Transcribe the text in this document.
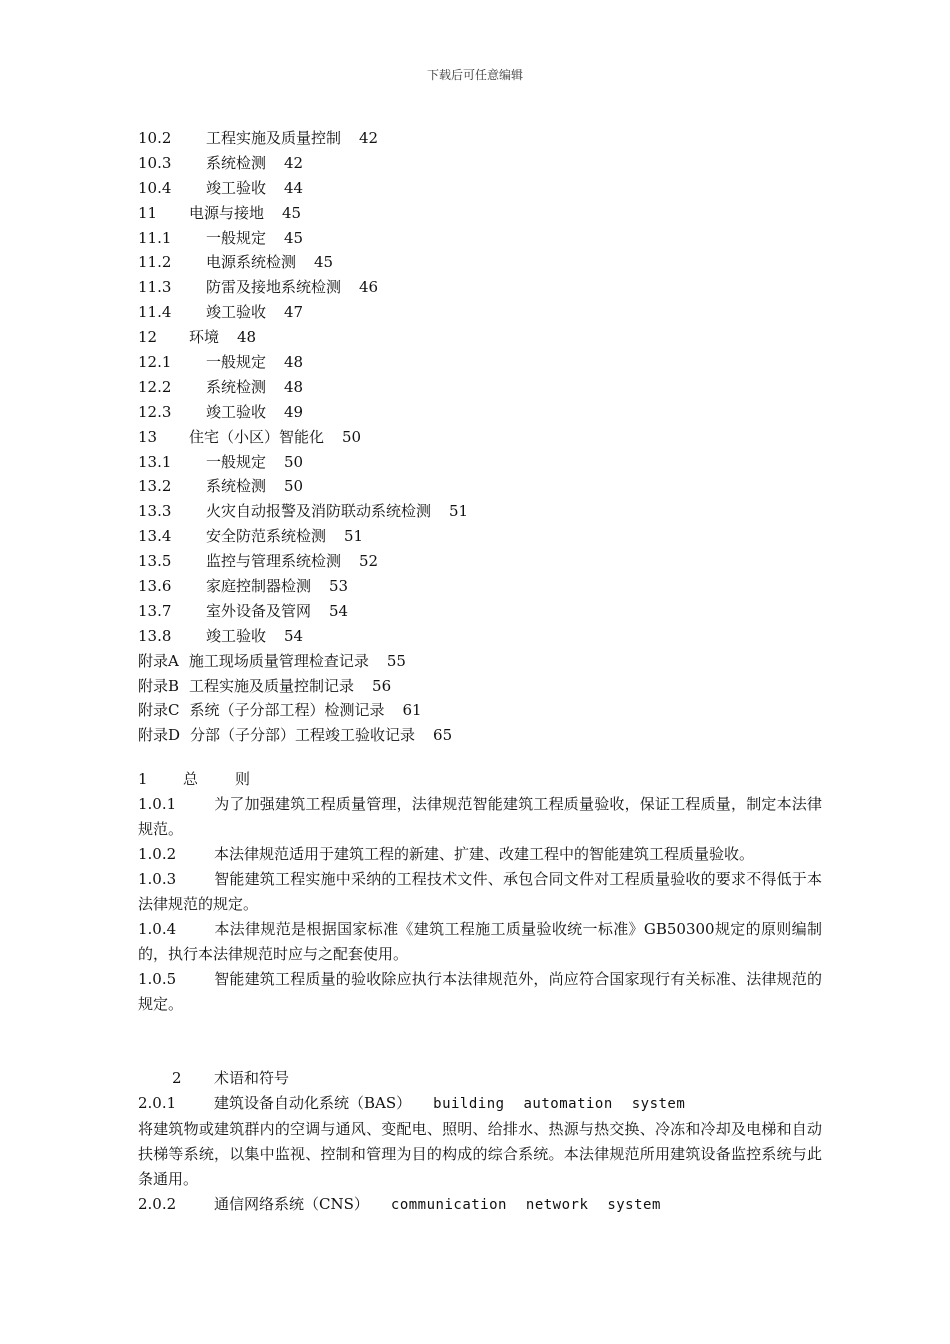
下载后可任意编辑
10.2 工程实施及质量控制 42
10.3 系统检测 42
10.4 竣工验收 44
11 电源与接地 45
11.1 一般规定 45
11.2 电源系统检测 45
11.3 防雷及接地系统检测 46
11.4 竣工验收 47
12 环境 48
12.1 一般规定 48
12.2 系统检测 48
12.3 竣工验收 49
13 住宅（小区）智能化 50
13.1 一般规定 50
13.2 系统检测 50
13.3 火灾自动报警及消防联动系统检测 51
13.4 安全防范系统检测 51
13.5 监控与管理系统检测 52
13.6 家庭控制器检测 53
13.7 室外设备及管网 54
13.8 竣工验收 54
附录A 施工现场质量管理检查记录 55
附录B 工程实施及质量控制记录 56
附录C 系统（子分部工程）检测记录 61
附录D 分部（子分部）工程竣工验收记录 65
1 总 则
1.0.1	为了加强建筑工程质量管理，法律规范智能建筑工程质量验收，保证工程质量，制定本法律规范。
1.0.2	本法律规范适用于建筑工程的新建、扩建、改建工程中的智能建筑工程质量验收。
1.0.3	智能建筑工程实施中采纳的工程技术文件、承包合同文件对工程质量验收的要求不得低于本法律规范的规定。
1.0.4	本法律规范是根据国家标准《建筑工程施工质量验收统一标准》GB50300规定的原则编制的，执行本法律规范时应与之配套使用。
1.0.5	智能建筑工程质量的验收除应执行本法律规范外，尚应符合国家现行有关标准、法律规范的规定。
2 术语和符号
2.0.1	建筑设备自动化系统（BAS） building automation system
将建筑物或建筑群内的空调与通风、变配电、照明、给排水、热源与热交换、冷冻和冷却及电梯和自动扶梯等系统，以集中监视、控制和管理为目的构成的综合系统。本法律规范所用建筑设备监控系统与此条通用。
2.0.2	通信网络系统（CNS） communication network system
